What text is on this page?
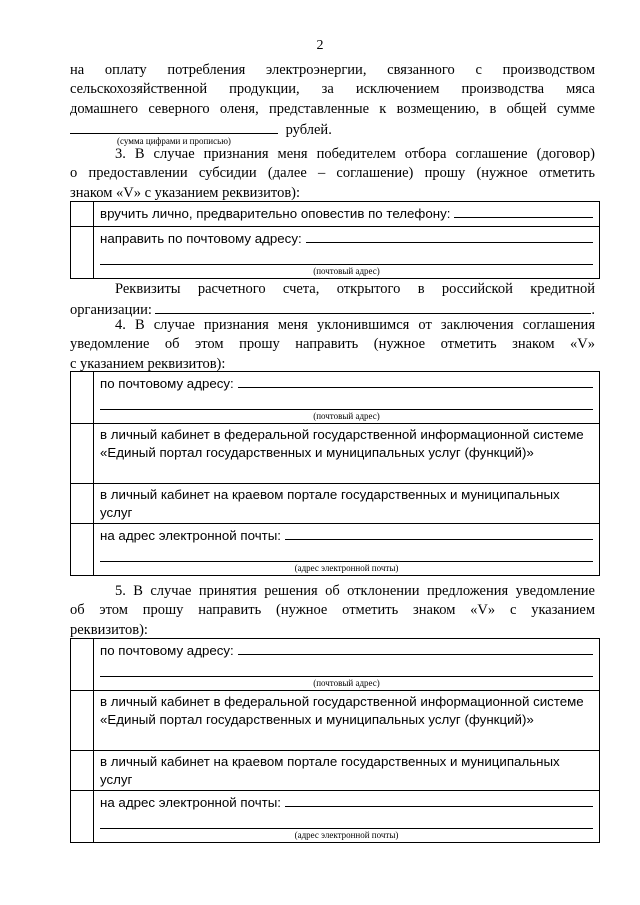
2

на оплату потребления электроэнергии, связанного с производством

сельскохозяйственной продукции, за исключением производства мяса

домашнего северного оленя, представленные к возмещению, в общей сумме

рублей.
(сумма цифрами и прописью)

3. В случае признания меня победителем отбора соглашение (договор)

о предоставлении субсидии (далее – соглашение) прошу (нужное отметить

знаком «V» с указанием реквизитов):

	вручить лично, предварительно оповестив по телефону:

	направить по почтовому адресу:
(почтовый адрес)

Реквизиты расчетного счета, открытого в российской кредитной

организации:	.

4. В случае признания меня уклонившимся от заключения соглашения

уведомление об этом прошу направить (нужное отметить знаком «V»

с указанием реквизитов):

	по почтовому адресу:
(почтовый адрес)

	в личный кабинет в федеральной государственной информационной системе «Единый портал государственных и муниципальных услуг (функций)»
	в личный кабинет на краевом портале государственных и муниципальных услуг

	на адрес электронной почты:
(адрес электронной почты)

5. В случае принятия решения об отклонении предложения уведомление

об этом прошу направить (нужное отметить знаком «V» с указанием

реквизитов):

	по почтовому адресу:
(почтовый адрес)

	в личный кабинет в федеральной государственной информационной системе «Единый портал государственных и муниципальных услуг (функций)»
	в личный кабинет на краевом портале государственных и муниципальных услуг

	на адрес электронной почты:
(адрес электронной почты)
